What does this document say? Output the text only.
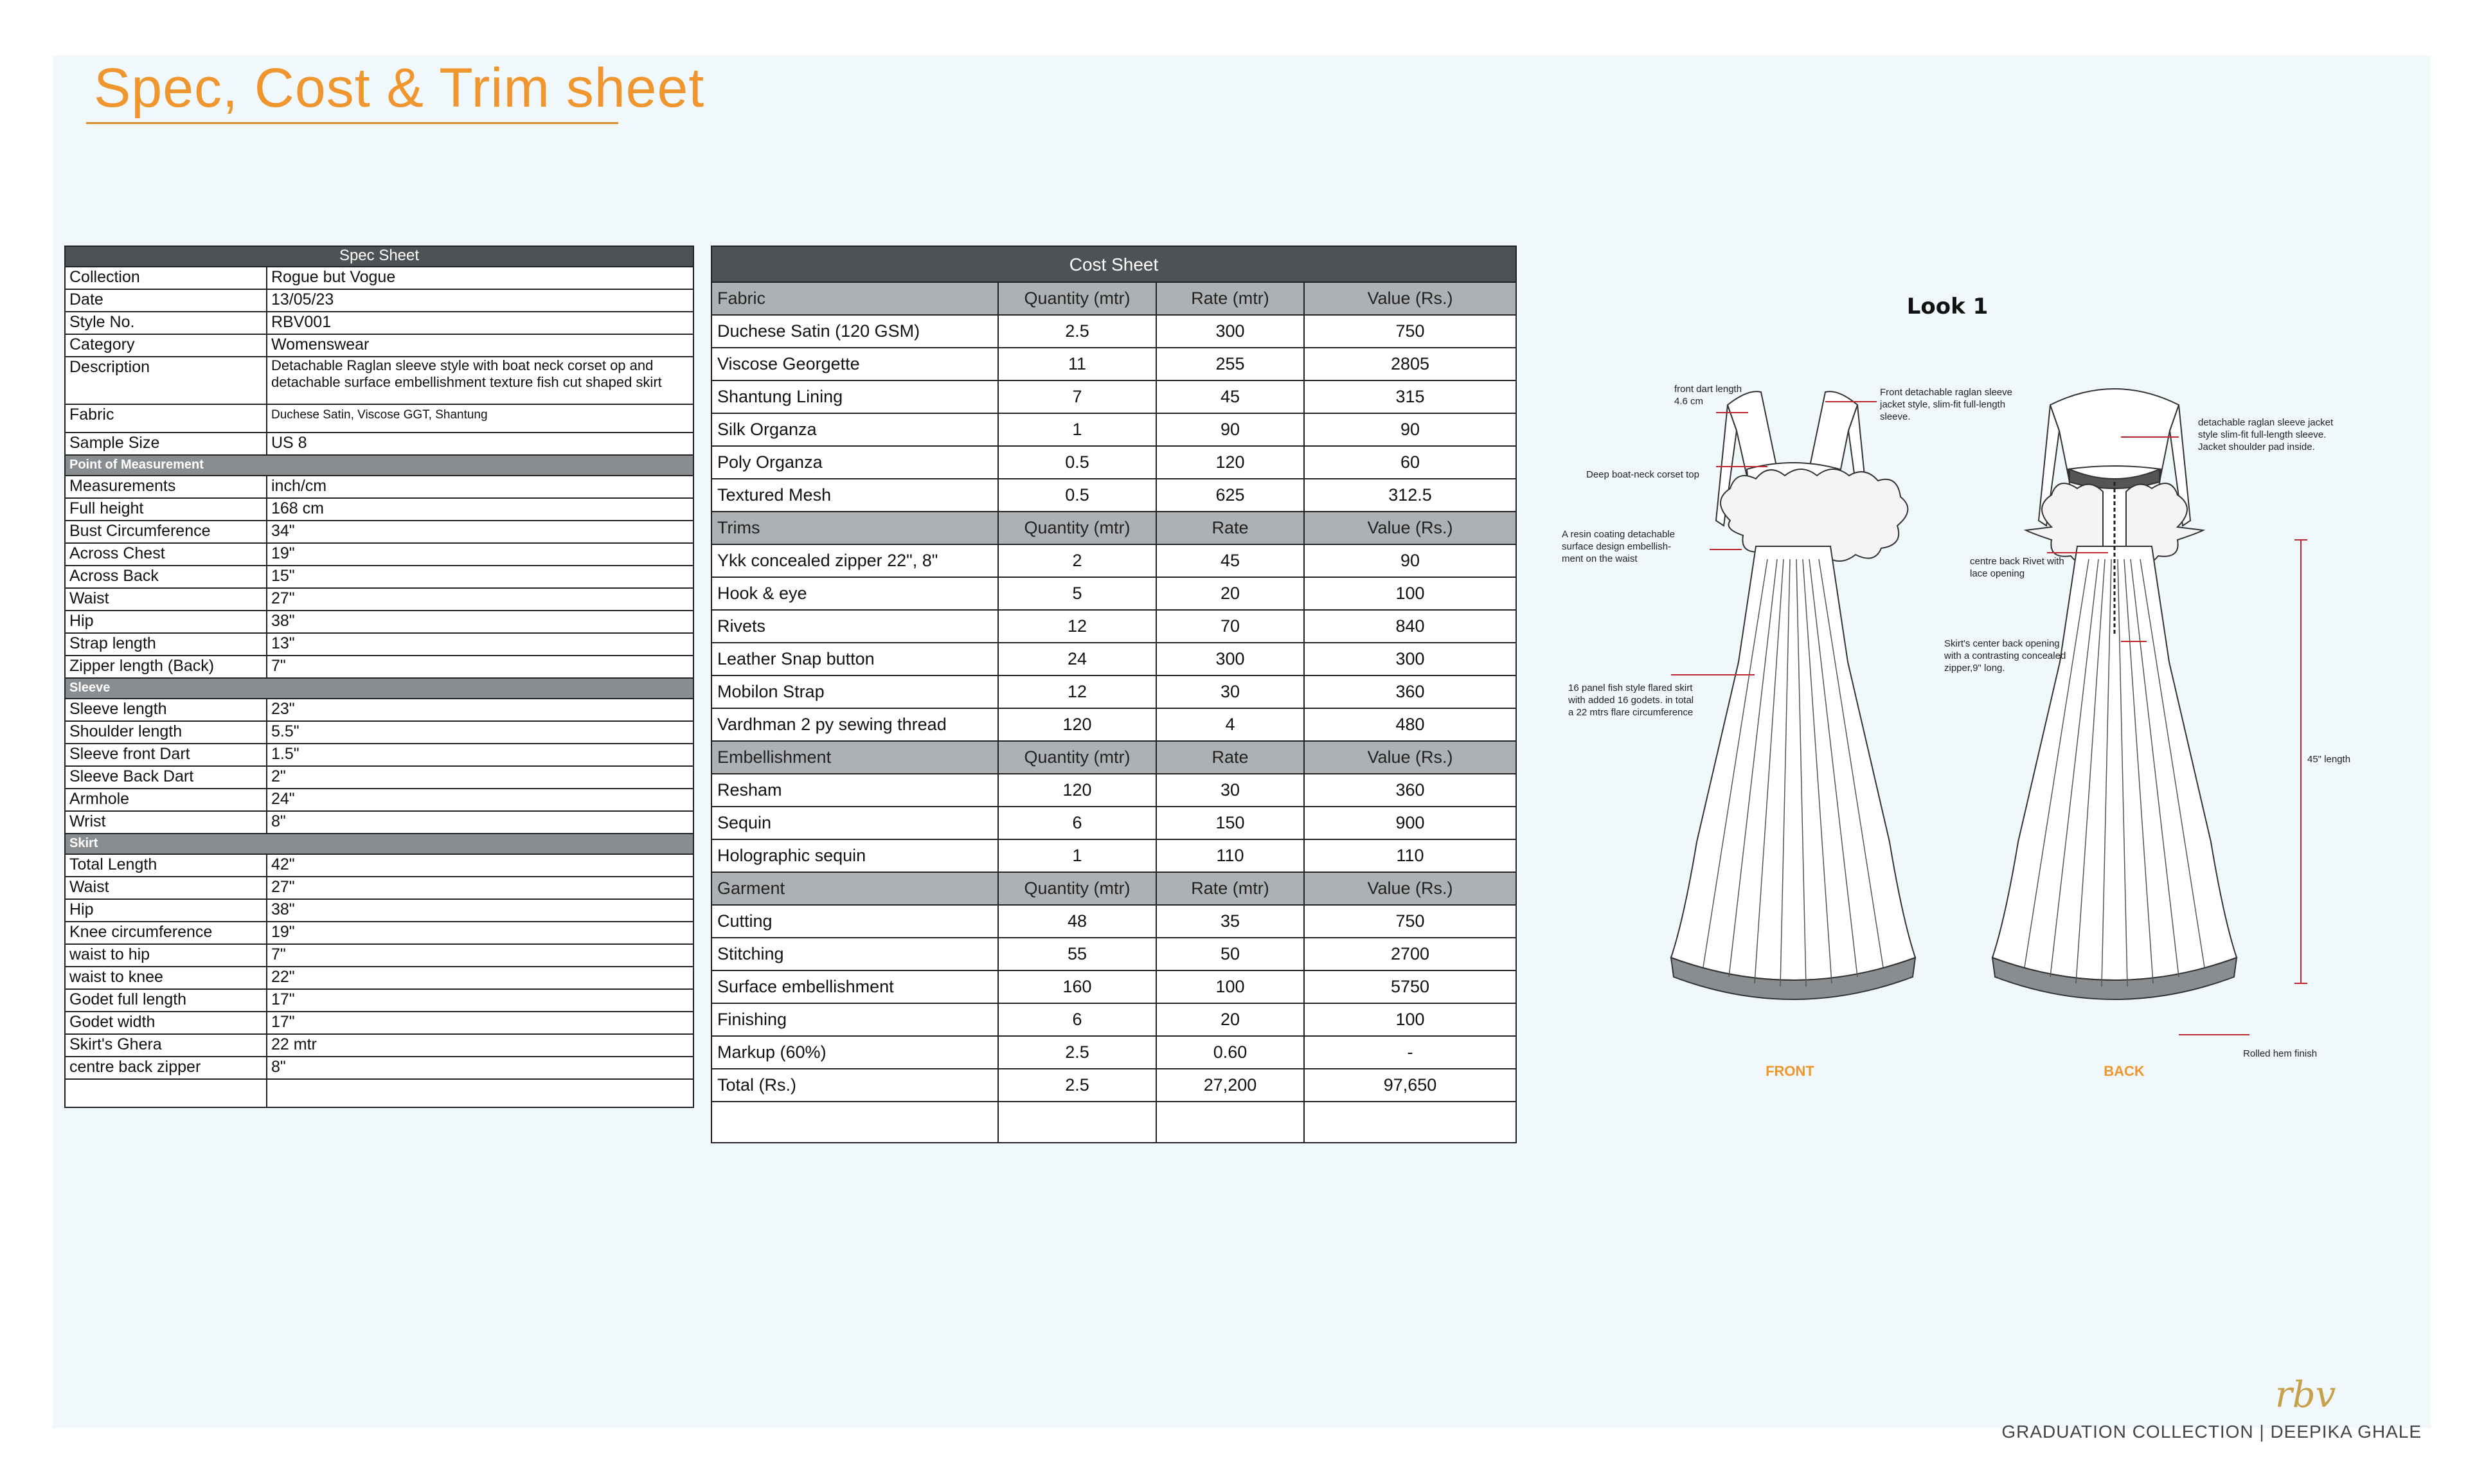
Spec, Cost & Trim sheet
Spec Sheet	
Collection	Rogue but Vogue
Date	13/05/23
Style No.	RBV001
Category	Womenswear
Description	Detachable Raglan sleeve style with boat neck corset op and detachable surface embellishment texture fish cut shaped skirt
Fabric	Duchese Satin, Viscose GGT, Shantung
Sample Size	US 8
Point of Measurement	
Measurements	inch/cm
Full height	168 cm
Bust Circumference	34"
Across Chest	19"
Across Back	15"
Waist	27"
Hip	38"
Strap length	13"
Zipper length (Back)	7"
Sleeve	
Sleeve length	23"
Shoulder length	5.5"
Sleeve front Dart	1.5"
Sleeve Back Dart	2"
Armhole	24"
Wrist	8"
Skirt	
Total Length	42"
Waist	27"
Hip	38"
Knee circumference	19"
waist to hip	7"
waist to knee	22"
Godet full length	17"
Godet width	17"
Skirt's Ghera	22 mtr
centre back zipper	8"

Cost Sheet			
Fabric	Quantity (mtr)	Rate (mtr)	Value (Rs.)
Duchese Satin (120 GSM)	2.5	300	750
Viscose Georgette	11	255	2805
Shantung Lining	7	45	315
Silk Organza	1	90	90
Poly Organza	0.5	120	60
Textured Mesh	0.5	625	312.5
Trims	Quantity (mtr)	Rate	Value (Rs.)
Ykk concealed zipper 22", 8"	2	45	90
Hook & eye	5	20	100
Rivets	12	70	840
Leather Snap button	24	300	300
Mobilon Strap	12	30	360
Vardhman 2 py sewing thread	120	4	480
Embellishment	Quantity (mtr)	Rate	Value (Rs.)
Resham	120	30	360
Sequin	6	150	900
Holographic sequin	1	110	110
Garment	Quantity (mtr)	Rate (mtr)	Value (Rs.)
Cutting	48	35	750
Stitching	55	50	2700
Surface embellishment	160	100	5750
Finishing	6	20	100
Markup (60%)	2.5	0.60	-
Total (Rs.)	2.5	27,200	97,650

Look 1
front dart length
4.6 cm
Front detachable raglan sleeve
jacket style, slim-fit full-length
sleeve.
Deep boat-neck corset top
A resin coating detachable
surface design embellish-
ment on the waist
16 panel fish style flared skirt
with added 16 godets. in total
a 22 mtrs flare circumference
detachable raglan sleeve jacket
style slim-fit full-length sleeve.
Jacket shoulder pad inside.
centre back Rivet with
lace opening
Skirt's center back opening
with a contrasting concealed
zipper,9" long.
45" length
Rolled hem finish
FRONT	BACK
rbv
GRADUATION COLLECTION | DEEPIKA GHALE
